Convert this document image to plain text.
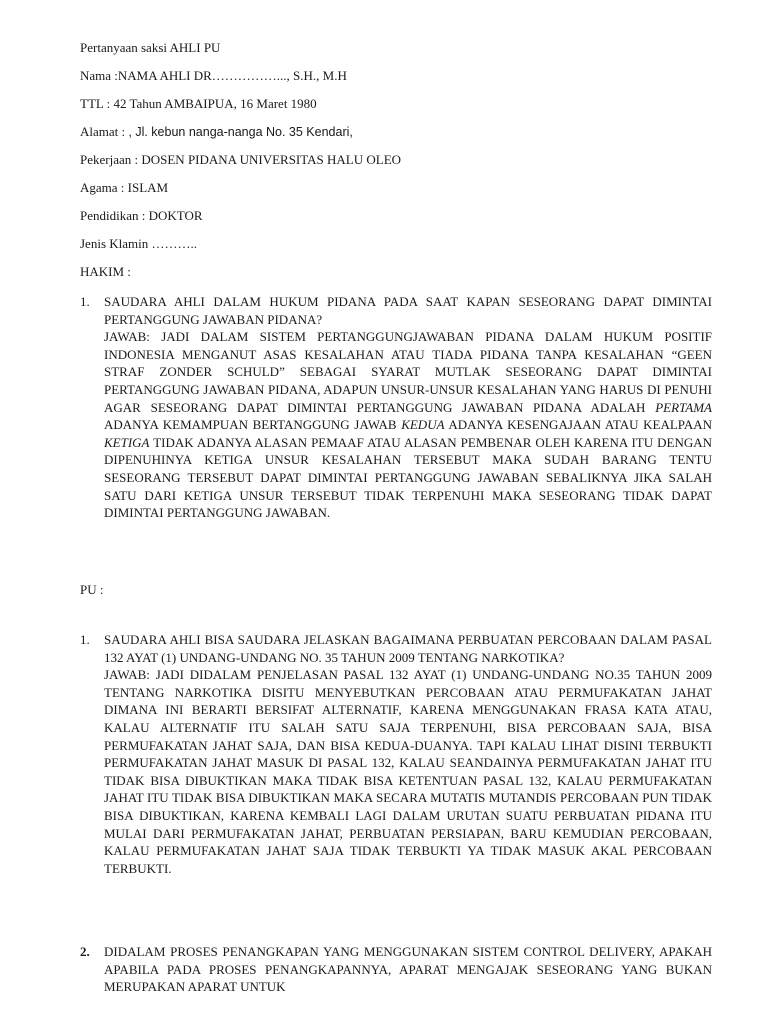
Pertanyaan saksi AHLI PU
Nama :NAMA AHLI DR……………..., S.H., M.H
TTL : 42 Tahun AMBAIPUA, 16 Maret 1980
Alamat : , Jl. kebun nanga-nanga No. 35 Kendari,
Pekerjaan : DOSEN PIDANA UNIVERSITAS HALU OLEO
Agama : ISLAM
Pendidikan : DOKTOR
Jenis Klamin ………..
HAKIM :
1. SAUDARA AHLI DALAM HUKUM PIDANA PADA SAAT KAPAN SESEORANG DAPAT DIMINTAI PERTANGGUNG JAWABAN PIDANA?
JAWAB: JADI DALAM SISTEM PERTANGGUNGJAWABAN PIDANA DALAM HUKUM POSITIF INDONESIA MENGANUT ASAS KESALAHAN ATAU TIADA PIDANA TANPA KESALAHAN “GEEN STRAF ZONDER SCHULD” SEBAGAI SYARAT MUTLAK SESEORANG DAPAT DIMINTAI PERTANGGUNG JAWABAN PIDANA, ADAPUN UNSUR-UNSUR KESALAHAN YANG HARUS DI PENUHI AGAR SESEORANG DAPAT DIMINTAI PERTANGGUNG JAWABAN PIDANA ADALAH PERTAMA ADANYA KEMAMPUAN BERTANGGUNG JAWAB KEDUA ADANYA KESENGAJAAN ATAU KEALPAAN KETIGA TIDAK ADANYA ALASAN PEMAAF ATAU ALASAN PEMBENAR OLEH KARENA ITU DENGAN DIPENUHINYA KETIGA UNSUR KESALAHAN TERSEBUT MAKA SUDAH BARANG TENTU SESEORANG TERSEBUT DAPAT DIMINTAI PERTANGGUNG JAWABAN SEBALIKNYA JIKA SALAH SATU DARI KETIGA UNSUR TERSEBUT TIDAK TERPENUHI MAKA SESEORANG TIDAK DAPAT DIMINTAI PERTANGGUNG JAWABAN.
PU :
1. SAUDARA AHLI BISA SAUDARA JELASKAN BAGAIMANA PERBUATAN PERCOBAAN DALAM PASAL 132 AYAT (1) UNDANG-UNDANG NO. 35 TAHUN 2009 TENTANG NARKOTIKA?
JAWAB: JADI DIDALAM PENJELASAN PASAL 132 AYAT (1) UNDANG-UNDANG NO.35 TAHUN 2009 TENTANG NARKOTIKA DISITU MENYEBUTKAN PERCOBAAN ATAU PERMUFAKATAN JAHAT DIMANA INI BERARTI BERSIFAT ALTERNATIF, KARENA MENGGUNAKAN FRASA KATA ATAU, KALAU ALTERNATIF ITU SALAH SATU SAJA TERPENUHI, BISA PERCOBAAN SAJA, BISA PERMUFAKATAN JAHAT SAJA, DAN BISA KEDUA-DUANYA. TAPI KALAU LIHAT DISINI TERBUKTI PERMUFAKATAN JAHAT MASUK DI PASAL 132, KALAU SEANDAINYA PERMUFAKATAN JAHAT ITU TIDAK BISA DIBUKTIKAN MAKA TIDAK BISA KETENTUAN PASAL 132, KALAU PERMUFAKATAN JAHAT ITU TIDAK BISA DIBUKTIKAN MAKA SECARA MUTATIS MUTANDIS PERCOBAAN PUN TIDAK BISA DIBUKTIKAN, KARENA KEMBALI LAGI DALAM URUTAN SUATU PERBUATAN PIDANA ITU MULAI DARI PERMUFAKATAN JAHAT, PERBUATAN PERSIAPAN, BARU KEMUDIAN PERCOBAAN, KALAU PERMUFAKATAN JAHAT SAJA TIDAK TERBUKTI YA TIDAK MASUK AKAL PERCOBAAN TERBUKTI.
2. DIDALAM PROSES PENANGKAPAN YANG MENGGUNAKAN SISTEM CONTROL DELIVERY, APAKAH APABILA PADA PROSES PENANGKAPANNYA, APARAT MENGAJAK SESEORANG YANG BUKAN MERUPAKAN APARAT UNTUK
